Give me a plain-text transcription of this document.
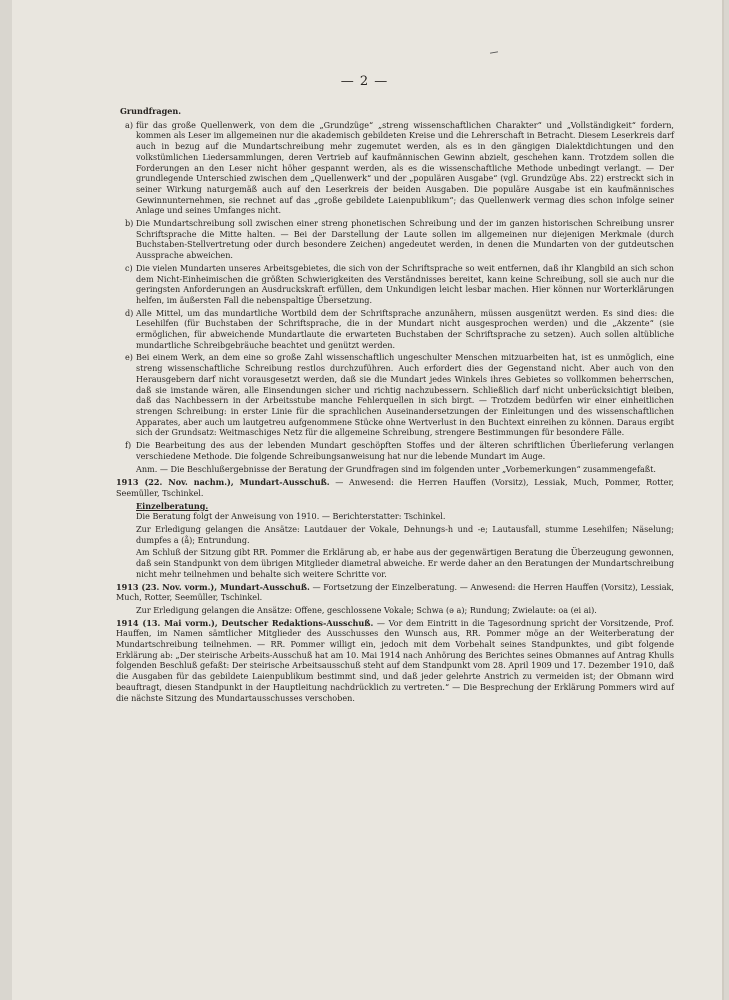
— 2 —
Grundfragen.
a) für das große Quellenwerk, von dem die „Grundzüge“ „streng wissenschaftlichen Charakter“ und „Vollständigkeit“ fordern, kommen als Leser im allgemeinen nur die akademisch gebildeten Kreise und die Lehrerschaft in Betracht. Diesem Leserkreis darf auch in bezug auf die Mundartschreibung mehr zugemutet werden, als es in den gängigen Dialektdichtungen und den volkstümlichen Liedersammlungen, deren Vertrieb auf kaufmännischen Gewinn abzielt, geschehen kann. Trotzdem sollen die Forderungen an den Leser nicht höher gespannt werden, als es die wissenschaftliche Methode unbedingt verlangt. — Der grundlegende Unterschied zwischen dem „Quellenwerk“ und der „populären Ausgabe“ (vgl. Grundzüge Abs. 22) erstreckt sich in seiner Wirkung naturgemäß auch auf den Leserkreis der beiden Ausgaben. Die populäre Ausgabe ist ein kaufmännisches Gewinnunternehmen, sie rechnet auf das „große gebildete Laienpublikum“; das Quellenwerk vermag dies schon infolge seiner Anlage und seines Umfanges nicht.
b) Die Mundartschreibung soll zwischen einer streng phonetischen Schreibung und der im ganzen historischen Schreibung unsrer Schriftsprache die Mitte halten. — Bei der Darstellung der Laute sollen im allgemeinen nur diejenigen Merkmale (durch Buchstaben-Stellvertretung oder durch besondere Zeichen) angedeutet werden, in denen die Mundarten von der gutdeutschen Aussprache abweichen.
c) Die vielen Mundarten unseres Arbeitsgebietes, die sich von der Schriftsprache so weit entfernen, daß ihr Klangbild an sich schon dem Nicht-Einheimischen die größten Schwierigkeiten des Verständnisses bereitet, kann keine Schreibung, soll sie auch nur die geringsten Anforderungen an Ausdruckskraft erfüllen, dem Unkundigen leicht lesbar machen. Hier können nur Worterklärungen helfen, im äußersten Fall die nebenspaltige Übersetzung.
d) Alle Mittel, um das mundartliche Wortbild dem der Schriftsprache anzunähern, müssen ausgenützt werden. Es sind dies: die Lesehilfen (für Buchstaben der Schriftsprache, die in der Mundart nicht ausgesprochen werden) und die „Akzente“ (sie ermöglichen, für abweichende Mundartlaute die erwarteten Buchstaben der Schriftsprache zu setzen). Auch sollen altübliche mundartliche Schreibgebräuche beachtet und genützt werden.
e) Bei einem Werk, an dem eine so große Zahl wissenschaftlich ungeschulter Menschen mitzuarbeiten hat, ist es unmöglich, eine streng wissenschaftliche Schreibung restlos durchzuführen. Auch erfordert dies der Gegenstand nicht. Aber auch von den Herausgebern darf nicht vorausgesetzt werden, daß sie die Mundart jedes Winkels ihres Gebietes so vollkommen beherrschen, daß sie imstande wären, alle Einsendungen sicher und richtig nachzubessern. Schließlich darf nicht unberücksichtigt bleiben, daß das Nachbessern in der Arbeitsstube manche Fehlerquellen in sich birgt. — Trotzdem bedürfen wir einer einheitlichen strengen Schreibung: in erster Linie für die sprachlichen Auseinandersetzungen der Einleitungen und des wissenschaftlichen Apparates, aber auch um lautgetreu aufgenommene Stücke ohne Wertverlust in den Buchtext einreihen zu können. Daraus ergibt sich der Grundsatz: Weitmaschiges Netz für die allgemeine Schreibung, strengere Bestimmungen für besondere Fälle.
f) Die Bearbeitung des aus der lebenden Mundart geschöpften Stoffes und der älteren schriftlichen Überlieferung verlangen verschiedene Methode. Die folgende Schreibungsanweisung hat nur die lebende Mundart im Auge.
Anm. — Die Beschlußergebnisse der Beratung der Grundfragen sind im folgenden unter „Vorbemerkungen“ zusammengefaßt.
1913 (22. Nov. nachm.), Mundart-Ausschuß. — Anwesend: die Herren Hauffen (Vorsitz), Lessiak, Much, Pommer, Rotter, Seemüller, Tschinkel.
Einzelberatung.
Die Beratung folgt der Anweisung von 1910. — Berichterstatter: Tschinkel.
Zur Erledigung gelangen die Ansätze: Lautdauer der Vokale, Dehnungs-h und -e; Lautausfall, stumme Lesehilfen; Näselung; dumpfes a (å); Entrundung.
Am Schluß der Sitzung gibt RR. Pommer die Erklärung ab, er habe aus der gegenwärtigen Beratung die Überzeugung gewonnen, daß sein Standpunkt von dem übrigen Mitglieder diametral abweiche. Er werde daher an den Beratungen der Mundartschreibung nicht mehr teilnehmen und behalte sich weitere Schritte vor.
1913 (23. Nov. vorm.), Mundart-Ausschuß. — Fortsetzung der Einzelberatung. — Anwesend: die Herren Hauffen (Vorsitz), Lessiak, Much, Rotter, Seemüller, Tschinkel.
Zur Erledigung gelangen die Ansätze: Offene, geschlossene Vokale; Schwa (ə a); Rundung; Zwielaute: oa (ei ai).
1914 (13. Mai vorm.), Deutscher Redaktions-Ausschuß. — Vor dem Eintritt in die Tagesordnung spricht der Vorsitzende, Prof. Hauffen, im Namen sämtlicher Mitglieder des Ausschusses den Wunsch aus, RR. Pommer möge an der Weiterberatung der Mundartschreibung teilnehmen. — RR. Pommer willigt ein, jedoch mit dem Vorbehalt seines Standpunktes, und gibt folgende Erklärung ab: „Der steirische Arbeits-Ausschuß hat am 10. Mai 1914 nach Anhörung des Berichtes seines Obmannes auf Antrag Khulls folgenden Beschluß gefaßt: Der steirische Arbeitsausschuß steht auf dem Standpunkt vom 28. April 1909 und 17. Dezember 1910, daß die Ausgaben für das gebildete Laienpublikum bestimmt sind, und daß jeder gelehrte Anstrich zu vermeiden ist; der Obmann wird beauftragt, diesen Standpunkt in der Hauptleitung nachdrücklich zu vertreten.“ — Die Besprechung der Erklärung Pommers wird auf die nächste Sitzung des Mundartausschusses verschoben.
